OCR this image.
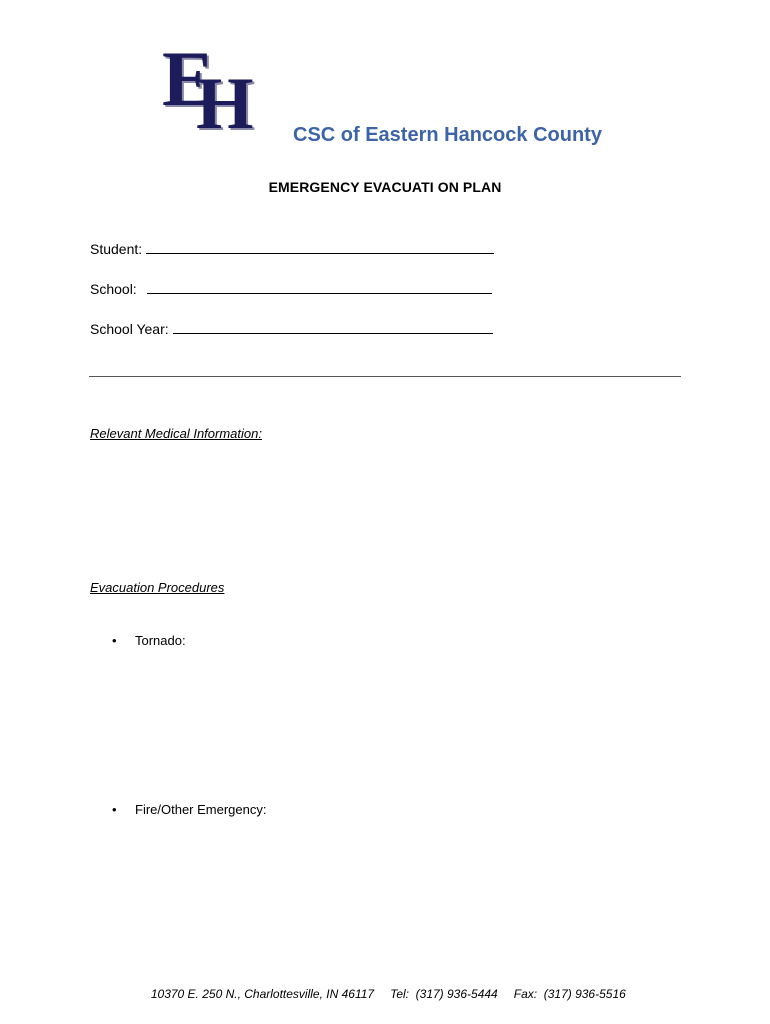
E
H CSC of Eastern Hancock County
EMERGENCY EVACUATI ON PLAN
Student:
School:
School Year:
Relevant Medical Information:
Evacuation Procedures
• Tornado:
• Fire/Other Emergency:

10370 E. 250 N., Charlottesville, IN 46117 Tel:  (317) 936-5444 Fax:  (317) 936-5516
